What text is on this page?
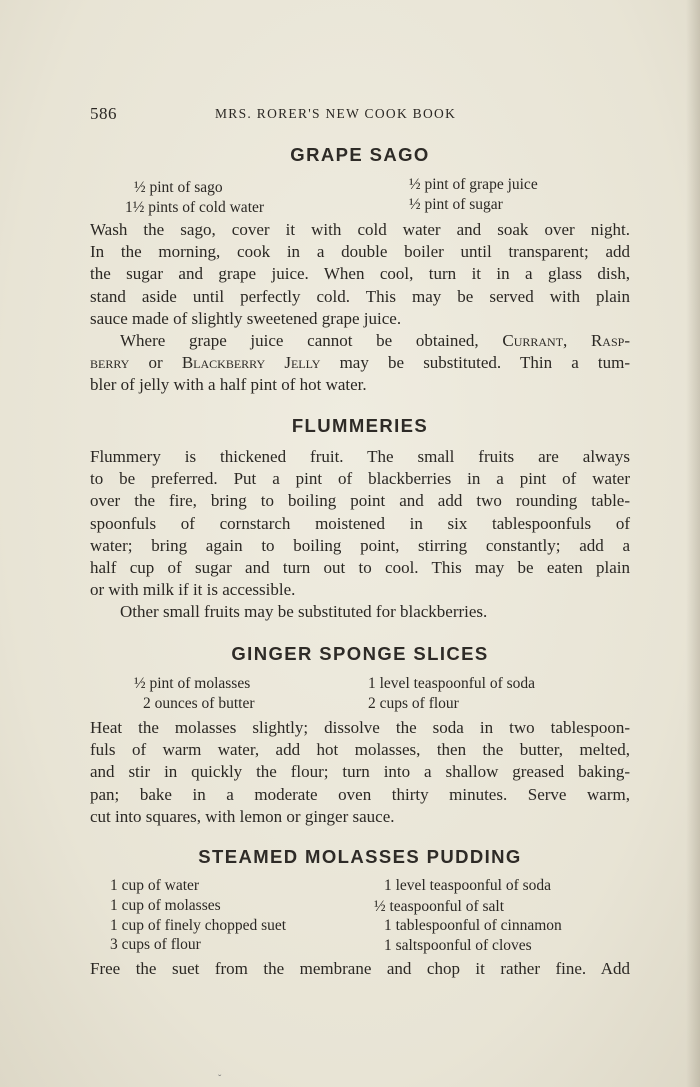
586	MRS. RORER'S NEW COOK BOOK
GRAPE SAGO
½ pint of sago
1½ pints of cold water
½ pint of grape juice
½ pint of sugar

Wash the sago, cover it with cold water and soak over night.

In the morning, cook in a double boiler until transparent; add

the sugar and grape juice. When cool, turn it in a glass dish,

stand aside until perfectly cold. This may be served with plain

sauce made of slightly sweetened grape juice.

Where grape juice cannot be obtained, Currant, Rasp-

berry or Blackberry Jelly may be substituted. Thin a tum-

bler of jelly with a half pint of hot water.

FLUMMERIES

Flummery is thickened fruit. The small fruits are always

to be preferred. Put a pint of blackberries in a pint of water

over the fire, bring to boiling point and add two rounding table-

spoonfuls of cornstarch moistened in six tablespoonfuls of

water; bring again to boiling point, stirring constantly; add a

half cup of sugar and turn out to cool. This may be eaten plain

or with milk if it is accessible.

Other small fruits may be substituted for blackberries.

GINGER SPONGE SLICES
½ pint of molasses
2 ounces of butter
1 level teaspoonful of soda
2 cups of flour

Heat the molasses slightly; dissolve the soda in two tablespoon-

fuls of warm water, add hot molasses, then the butter, melted,

and stir in quickly the flour; turn into a shallow greased baking-

pan; bake in a moderate oven thirty minutes. Serve warm,

cut into squares, with lemon or ginger sauce.

STEAMED MOLASSES PUDDING
1 cup of water
1 cup of molasses
1 cup of finely chopped suet
3 cups of flour
1 level teaspoonful of soda
½ teaspoonful of salt
1 tablespoonful of cinnamon
1 saltspoonful of cloves

Free the suet from the membrane and chop it rather fine. Add

ˇ
